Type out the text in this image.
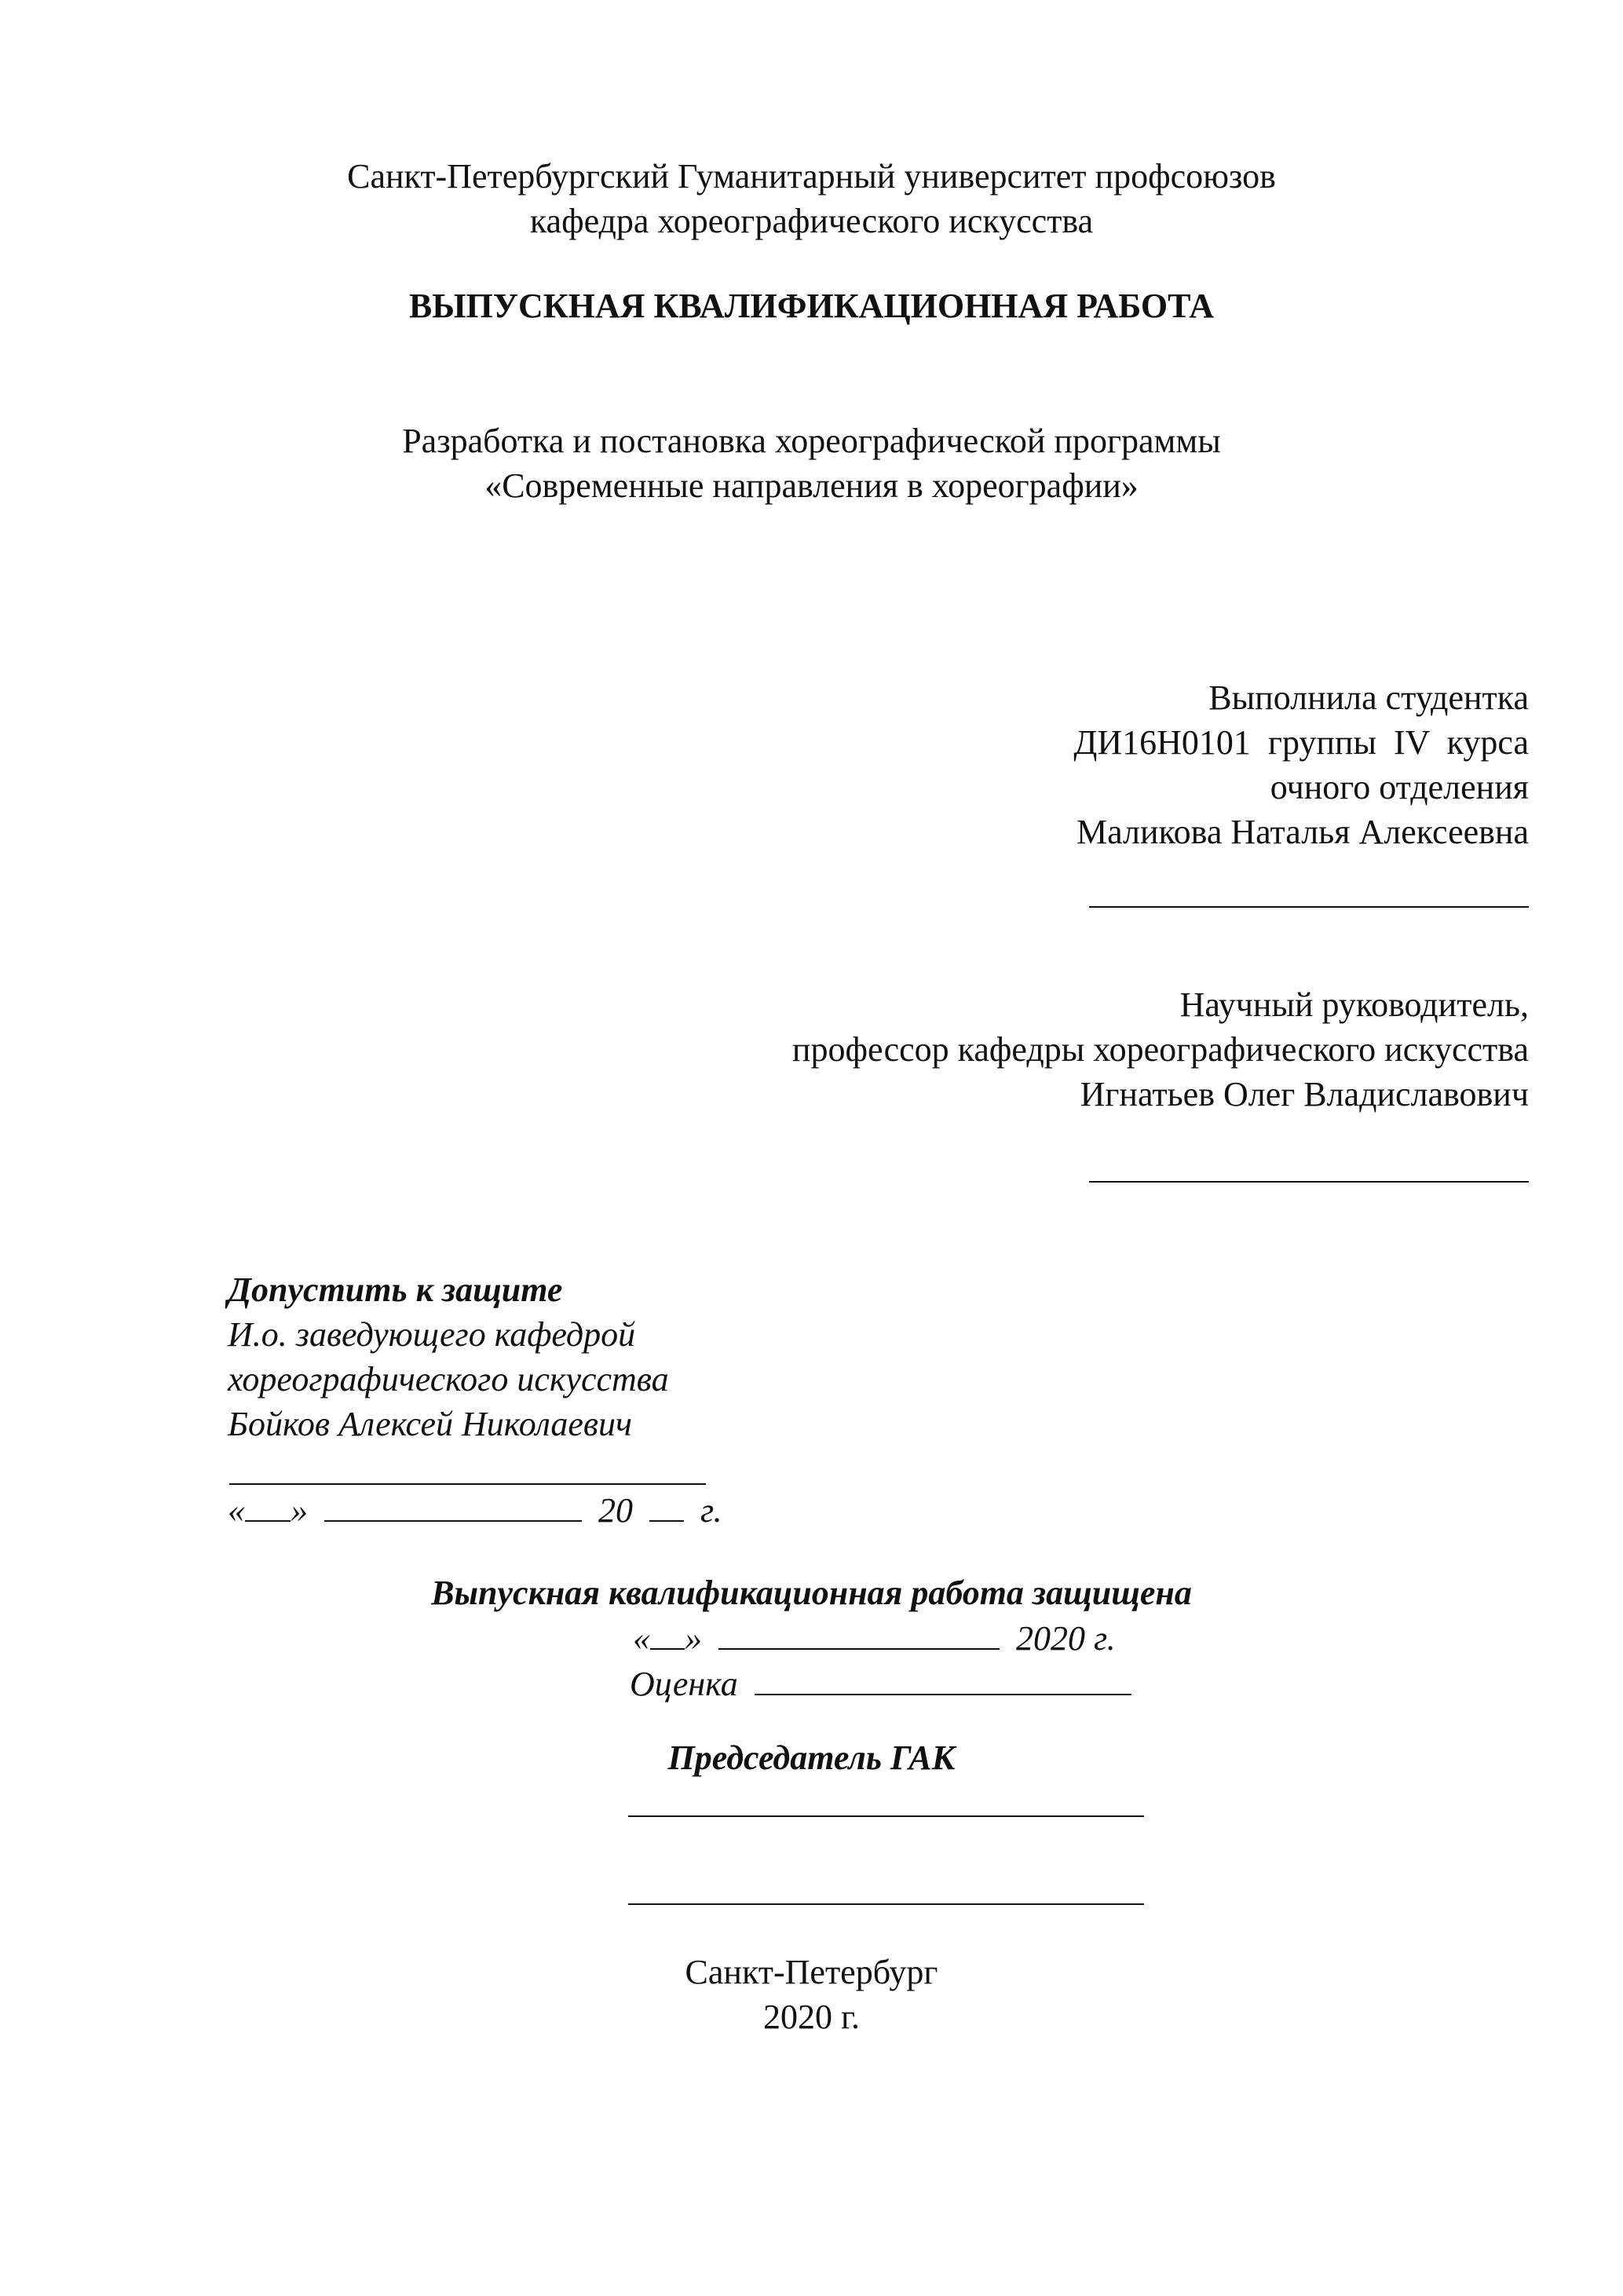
Санкт-Петербургский Гуманитарный университет профсоюзов
кафедра хореографического искусства
ВЫПУСКНАЯ КВАЛИФИКАЦИОННАЯ РАБОТА
Разработка и постановка хореографической программы
«Современные направления в хореографии»
Выполнила студентка
ДИ16Н0101  группы  IV  курса
очного отделения
Маликова Наталья Алексеевна
Научный руководитель,
профессор кафедры хореографического искусства
Игнатьев Олег Владиславович
Допустить к защите
И.о. заведующего кафедрой
хореографического искусства
Бойков Алексей Николаевич
« »	20 г.
Выпускная квалификационная работа защищена
« »	2020 г.
Оценка
Председатель ГАК
Санкт-Петербург
2020 г.
